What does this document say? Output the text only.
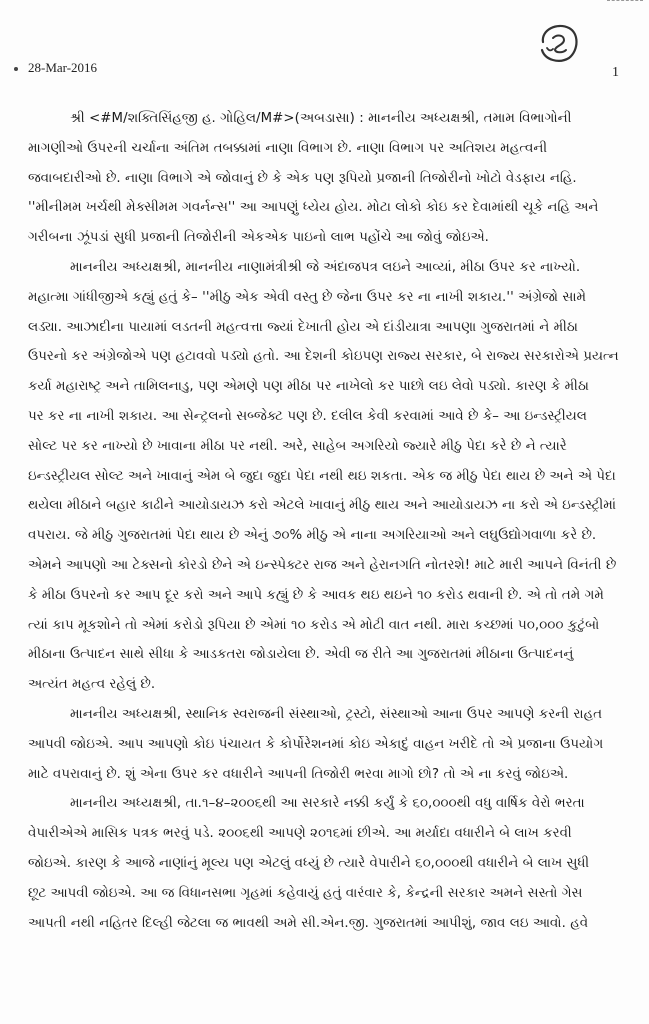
28-Mar-2016	1

શ્રી <#M/શક્તિસિંહજી હ. ગોહિલ/M#>(અબડાસા) : માનનીય અધ્યક્ષશ્રી, તમામ વિભાગોની
માગણીઓ ઉપરની ચર્ચાના અંતિમ તબક્કામાં નાણા વિભાગ છે. નાણા વિભાગ પર અતિશય મહત્વની
જવાબદારીઓ છે. નાણા વિભાગે એ જોવાનું છે કે એક પણ રૂપિયો પ્રજાની તિજોરીનો ખોટો વેડફાય નહિ.
''મીનીમમ ખર્ચથી મેક્સીમમ ગવર્નન્સ'' આ આપણું ધ્યેય હોય. મોટા લોકો કોઇ કર દેવામાંથી ચૂકે નહિ અને
ગરીબના ઝૂંપડાં સુધી પ્રજાની તિજોરીની એકએક પાઇનો લાભ પહોંચે આ જોવું જોઇએ.

માનનીય અધ્યક્ષશ્રી, માનનીય નાણામંત્રીશ્રી જે અંદાજપત્ર લઇને આવ્યાં, મીઠા ઉપર કર નાખ્યો.
મહાત્મા ગાંધીજીએ કહ્યું હતું કે– ''મીઠુ એક એવી વસ્તુ છે જેના ઉપર કર ના નાખી શકાય.'' અંગ્રેજો સામે
લડ્યા. આઝાદીના પાયામાં લડતની મહત્વત્તા જ્યાં દેખાતી હોય એ દાંડીયાત્રા આપણા ગુજરાતમાં ને મીઠા
ઉપરનો કર અંગ્રેજોએ પણ હટાવવો પડ્યો હતો. આ દેશની કોઇપણ રાજ્ય સરકાર, બે રાજ્ય સરકારોએ પ્રયત્ન
કર્યા મહારાષ્ટ્ર અને તામિલનાડુ, પણ એમણે પણ મીઠા પર નાખેલો કર પાછો લઇ લેવો પડ્યો. કારણ કે મીઠા
પર કર ના નાખી શકાય. આ સેન્ટ્રલનો સબ્જેક્ટ પણ છે. દલીલ કેવી કરવામાં આવે છે કે– આ ઇન્ડસ્ટ્રીયલ
સોલ્ટ પર કર નાખ્યો છે ખાવાના મીઠા પર નથી. અરે, સાહેબ અગરિયો જ્યારે મીઠુ પેદા કરે છે ને ત્યારે
ઇન્ડસ્ટ્રીયલ સોલ્ટ અને ખાવાનું એમ બે જુદા જુદા પેદા નથી થઇ શકતા. એક જ મીઠુ પેદા થાય છે અને એ પેદા
થયેલા મીઠાને બહાર કાઢીને આયોડાયઝ કરો એટલે ખાવાનું મીઠુ થાય અને આયોડાયઝ ના કરો એ ઇન્ડસ્ટ્રીમાં
વપરાય. જે મીઠુ ગુજરાતમાં પેદા થાય છે એનું ૭૦% મીઠુ એ નાના અગરિયાઓ અને લઘુઉદ્યોગવાળા કરે છે.
એમને આપણો આ ટેક્સનો કોરડો છેને એ ઇન્સ્પેક્ટર રાજ અને હેરાનગતિ નોતરશે! માટે મારી આપને વિનંતી છે
કે મીઠા ઉપરનો કર આપ દૂર કરો અને આપે કહ્યું છે કે આવક થઇ થઇને ૧૦ કરોડ થવાની છે. એ તો તમે ગમે
ત્યાં કાપ મૂકશોને તો એમાં કરોડો રૂપિયા છે એમાં ૧૦ કરોડ એ મોટી વાત નથી. મારા કચ્છમાં ૫૦,૦૦૦ કુટુંબો
મીઠાના ઉત્પાદન સાથે સીધા કે આડકતરા જોડાયેલા છે. એવી જ રીતે આ ગુજરાતમાં મીઠાના ઉત્પાદનનું
અત્યંત મહત્વ રહેલું છે.

માનનીય અધ્યક્ષશ્રી, સ્થાનિક સ્વરાજની સંસ્થાઓ, ટ્રસ્ટો, સંસ્થાઓ આના ઉપર આપણે કરની રાહત
આપવી જોઇએ. આપ આપણો કોઇ પંચાયત કે કોર્પોરેશનમાં કોઇ એકાદું વાહન ખરીદે તો એ પ્રજાના ઉપયોગ
માટે વપરાવાનું છે. શું એના ઉપર કર વધારીને આપની તિજોરી ભરવા માગો છો? તો એ ના કરવું જોઇએ.

માનનીય અધ્યક્ષશ્રી, તા.૧–૪–૨૦૦૬થી આ સરકારે નક્કી કર્યું કે ૬૦,૦૦૦થી વધુ વાર્ષિક વેરો ભરતા
વેપારીએએ માસિક પત્રક ભરવું પડે. ૨૦૦૬થી આપણે ૨૦૧૬માં છીએ. આ મર્યાદા વધારીને બે લાખ કરવી
જોઇએ. કારણ કે આજે નાણાંનું મૂલ્ય પણ એટલું વધ્યું છે ત્યારે વેપારીને ૬૦,૦૦૦થી વધારીને બે લાખ સુધી
છૂટ આપવી જોઇએ. આ જ વિધાનસભા ગૃહમાં કહેવાયું હતું વારંવાર કે, કેન્દ્રની સરકાર અમને સસ્તો ગેસ
આપતી નથી નહિતર દિલ્હી જેટલા જ ભાવથી અમે સી.એન.જી. ગુજરાતમાં આપીશું, જાવ લઇ આવો. હવે
